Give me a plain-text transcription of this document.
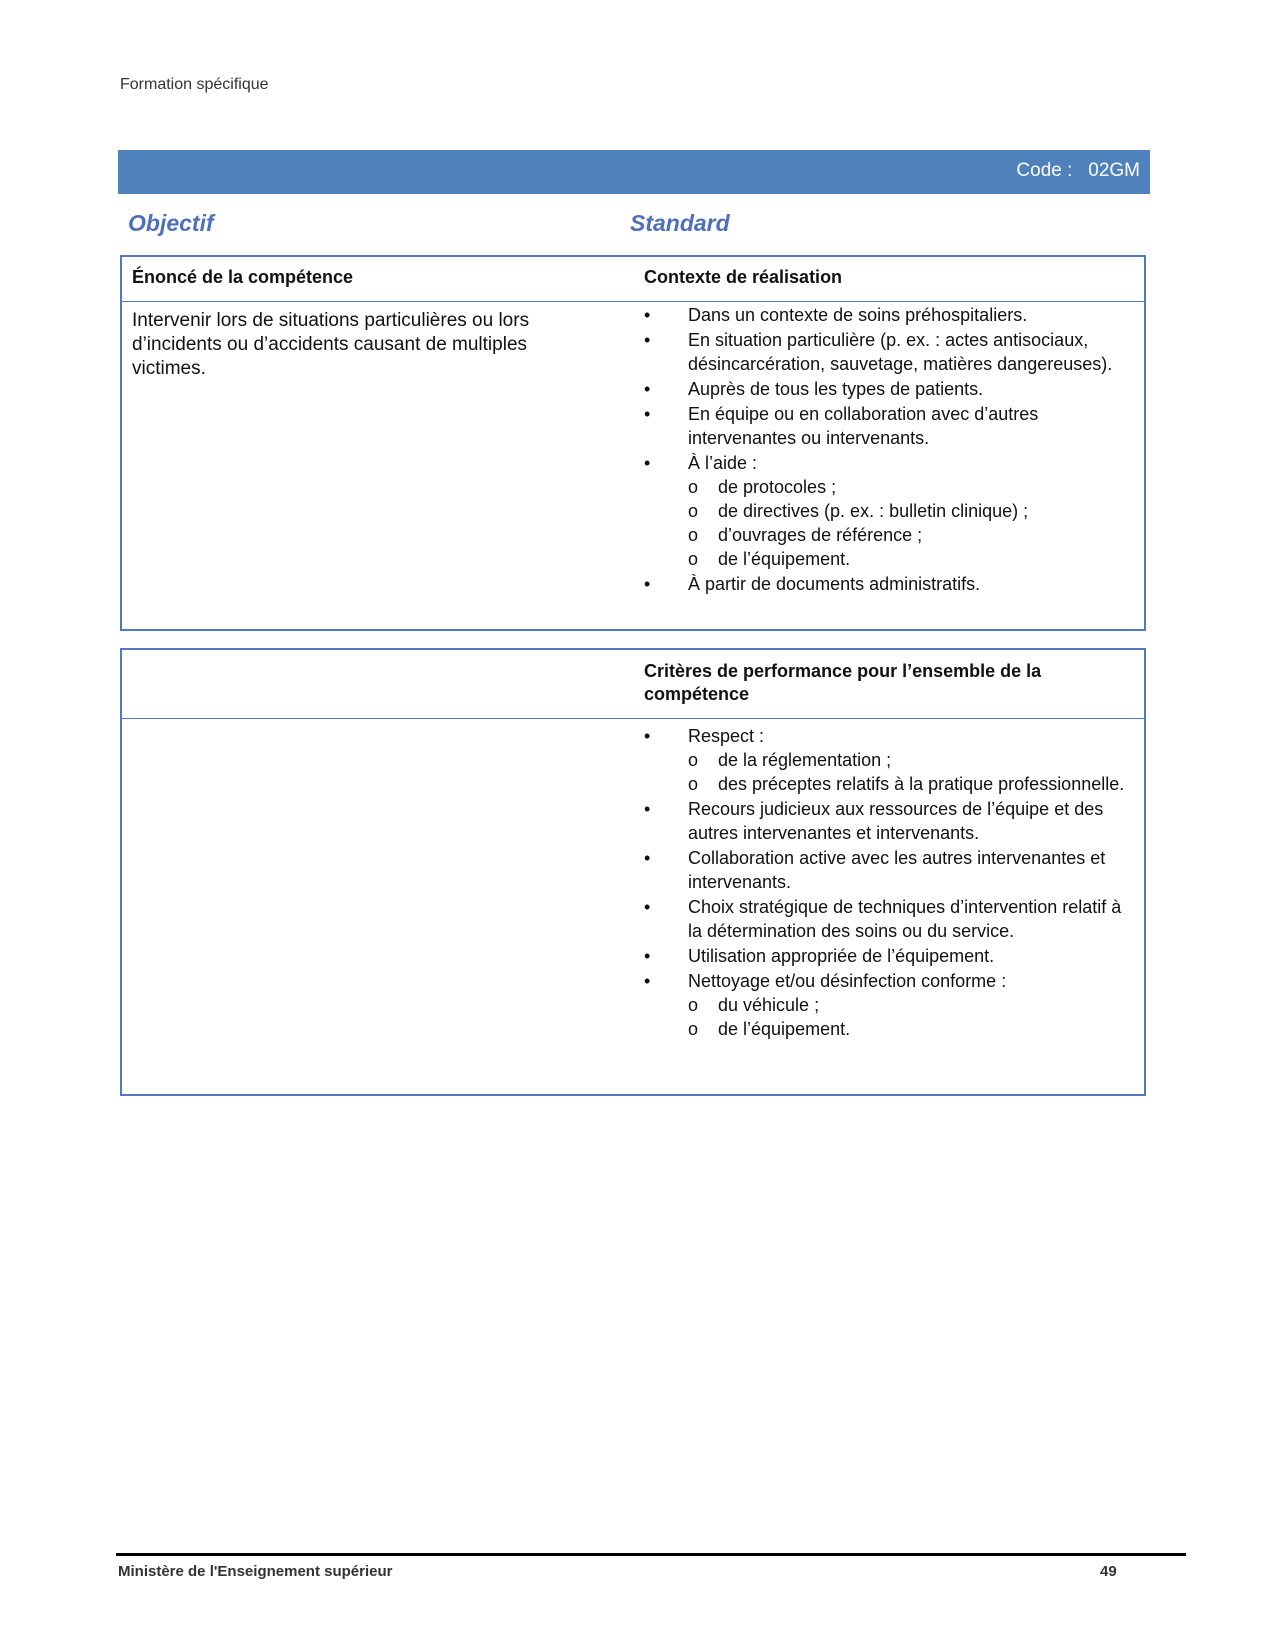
Formation spécifique
Code : 02GM
Objectif	Standard
Énoncé de la compétence	Contexte de réalisation
Intervenir lors de situations particulières ou lors d’incidents ou d’accidents causant de multiples victimes.
•	Dans un contexte de soins préhospitaliers.
•	En situation particulière (p. ex. : actes antisociaux, désincarcération, sauvetage, matières dangereuses).
•	Auprès de tous les types de patients.
•	En équipe ou en collaboration avec d’autres intervenantes ou intervenants.
•	À l’aide :
o de protocoles ;
o de directives (p. ex. : bulletin clinique) ;
o d’ouvrages de référence ;
o de l’équipement.
•	À partir de documents administratifs.
Critères de performance pour l’ensemble de la compétence
•	Respect :
o de la réglementation ;
o des préceptes relatifs à la pratique professionnelle.
•	Recours judicieux aux ressources de l’équipe et des autres intervenantes et intervenants.
•	Collaboration active avec les autres intervenantes et intervenants.
•	Choix stratégique de techniques d’intervention relatif à la détermination des soins ou du service.
•	Utilisation appropriée de l’équipement.
•	Nettoyage et/ou désinfection conforme :
o du véhicule ;
o de l’équipement.
Ministère de l'Enseignement supérieur	49
